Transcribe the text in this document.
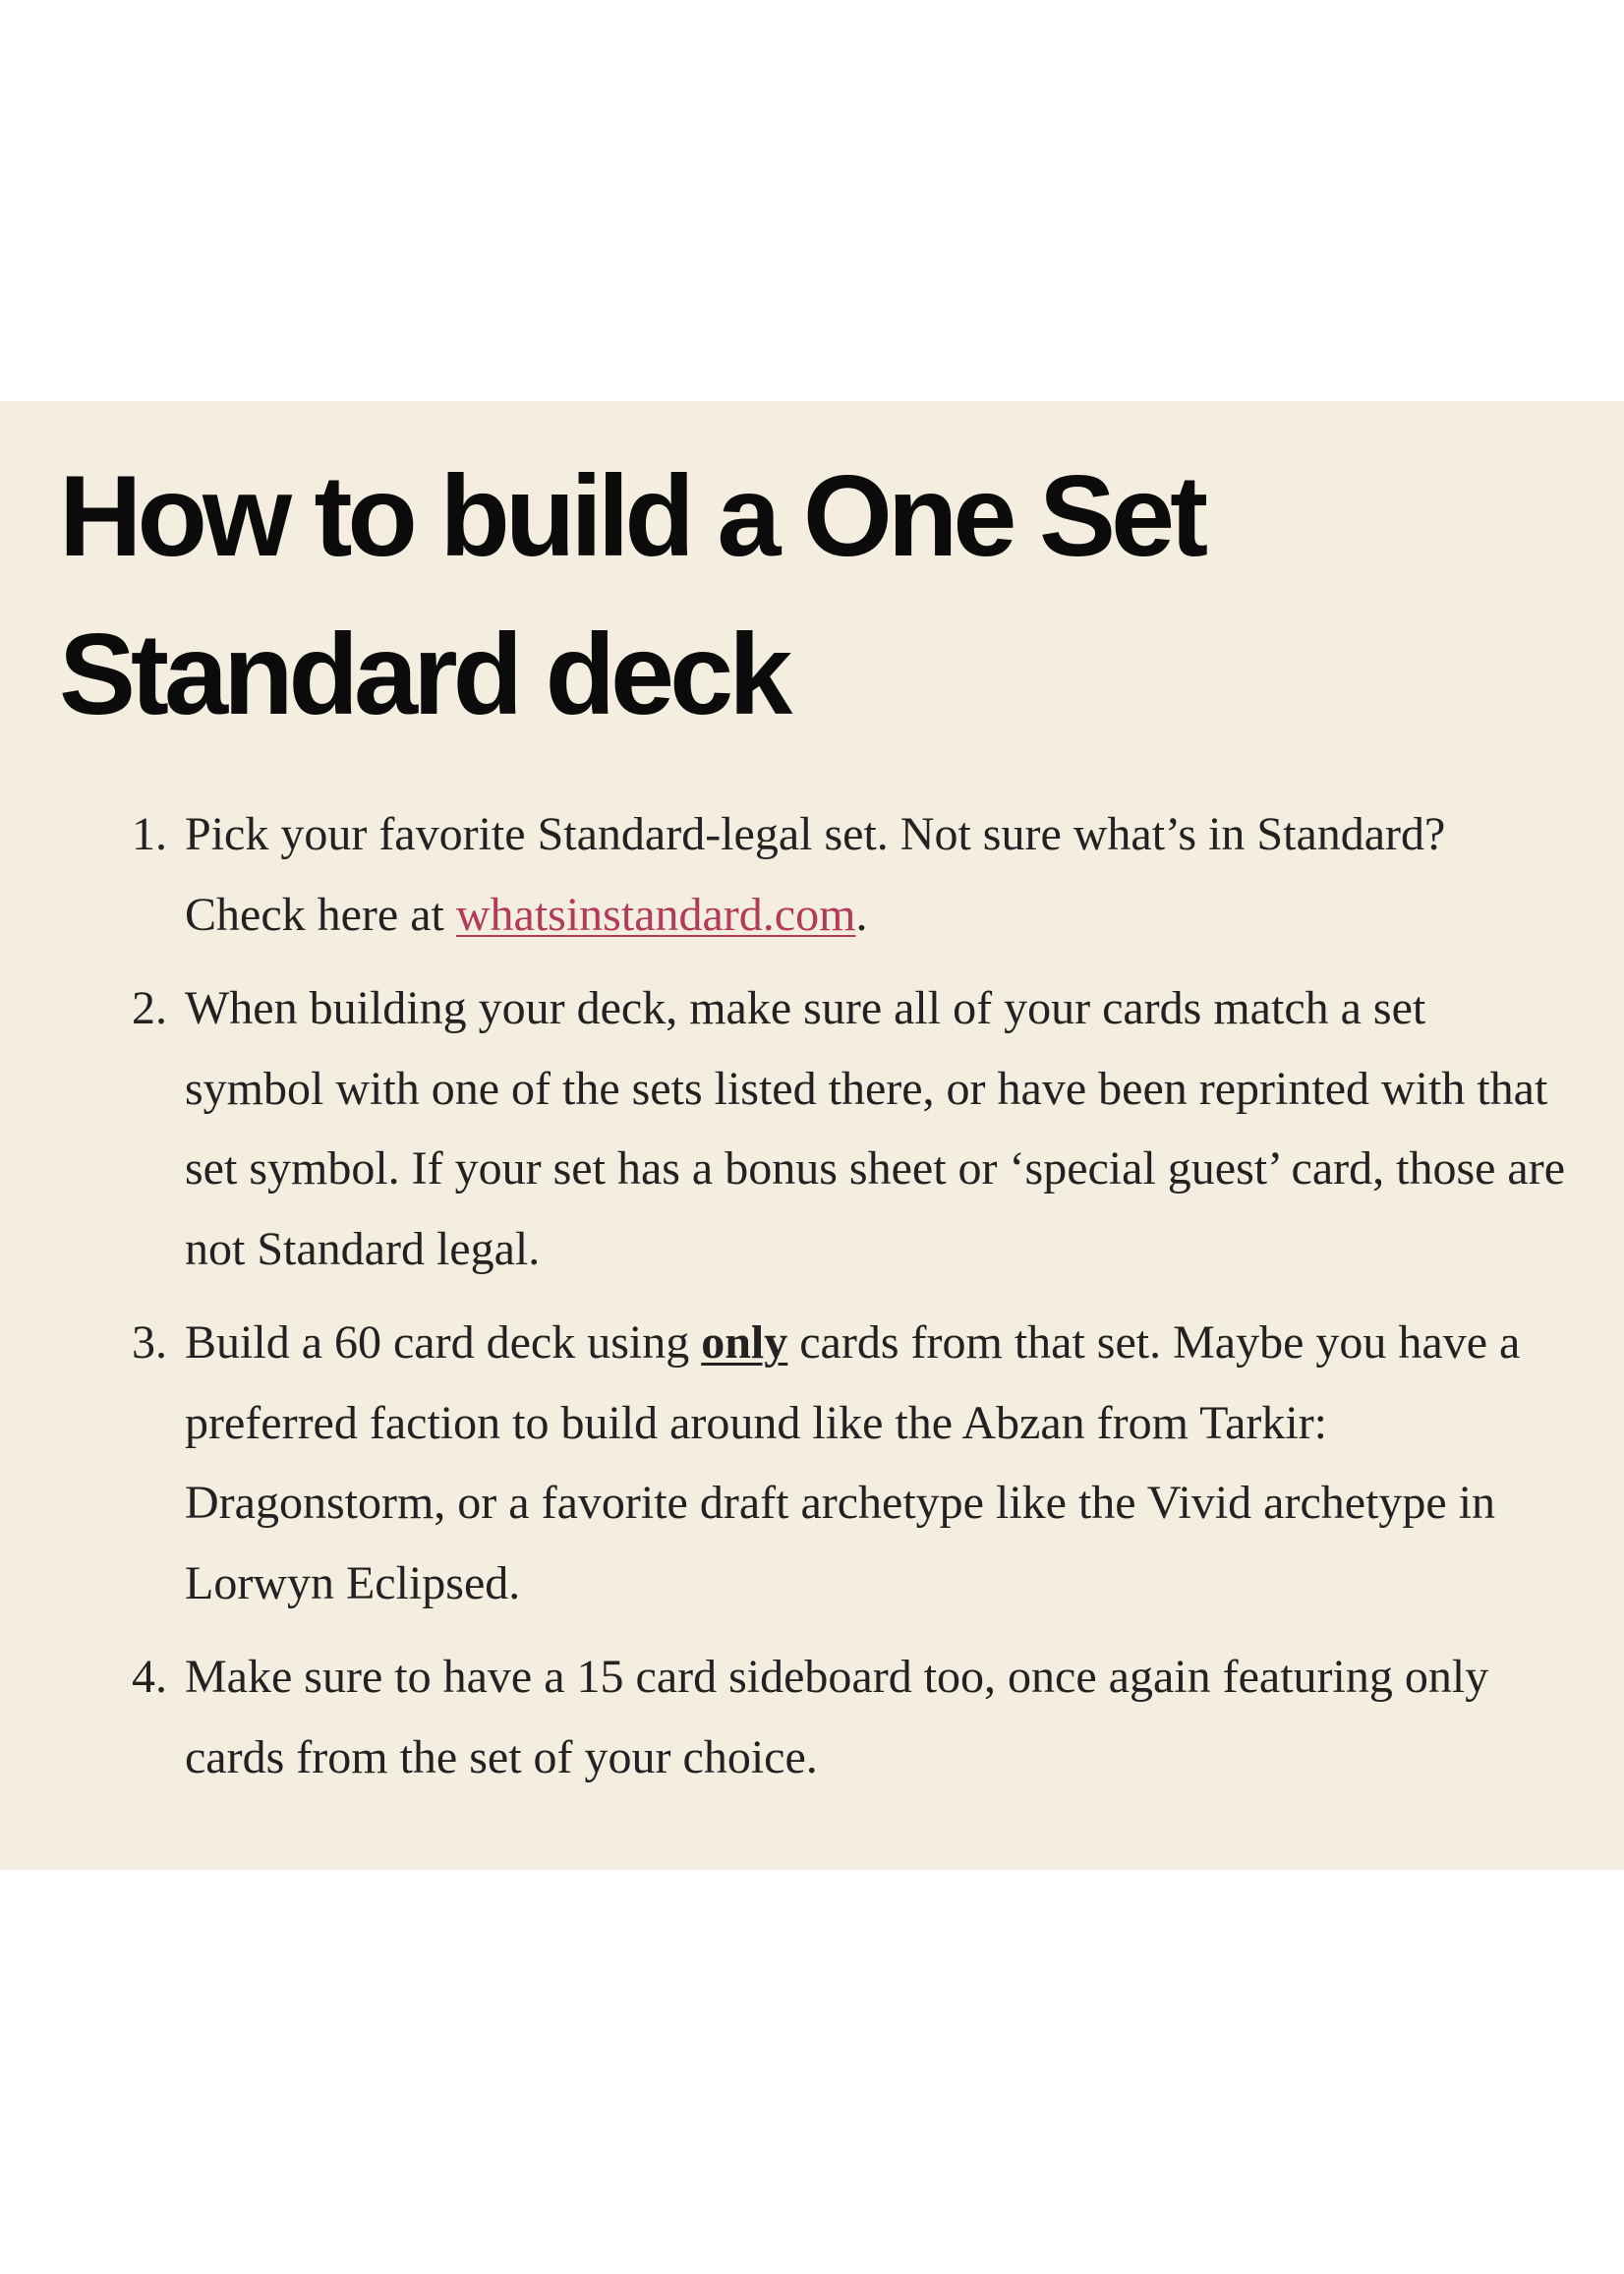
How to build a One Set Standard deck
1. Pick your favorite Standard-legal set. Not sure what’s in Standard? Check here at whatsinstandard.com.
2. When building your deck, make sure all of your cards match a set symbol with one of the sets listed there, or have been reprinted with that set symbol. If your set has a bonus sheet or ‘special guest’ card, those are not Standard legal.
3. Build a 60 card deck using only cards from that set. Maybe you have a preferred faction to build around like the Abzan from Tarkir: Dragonstorm, or a favorite draft archetype like the Vivid archetype in Lorwyn Eclipsed.
4. Make sure to have a 15 card sideboard too, once again featuring only cards from the set of your choice.
